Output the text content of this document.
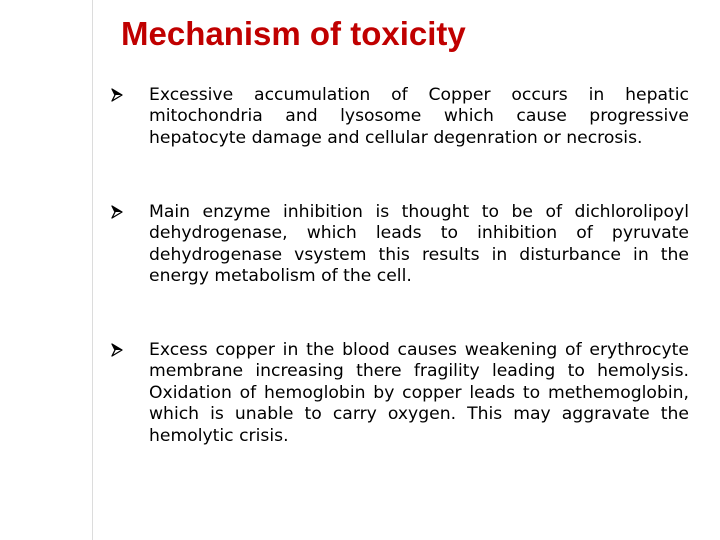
Mechanism of toxicity

Excessive accumulation of Copper occurs in hepatic mitochondria and lysosome which cause progressive hepatocyte damage and cellular degenration or necrosis.

Main enzyme inhibition is thought to be of dichlorolipoyl dehydrogenase, which leads to inhibition of pyruvate dehydrogenase vsystem this results in disturbance in the energy metabolism of the cell.

Excess copper in the blood causes weakening of erythrocyte membrane increasing there fragility leading to hemolysis. Oxidation of hemoglobin by copper leads to methemoglobin, which is unable to carry oxygen. This may aggravate the hemolytic crisis.
